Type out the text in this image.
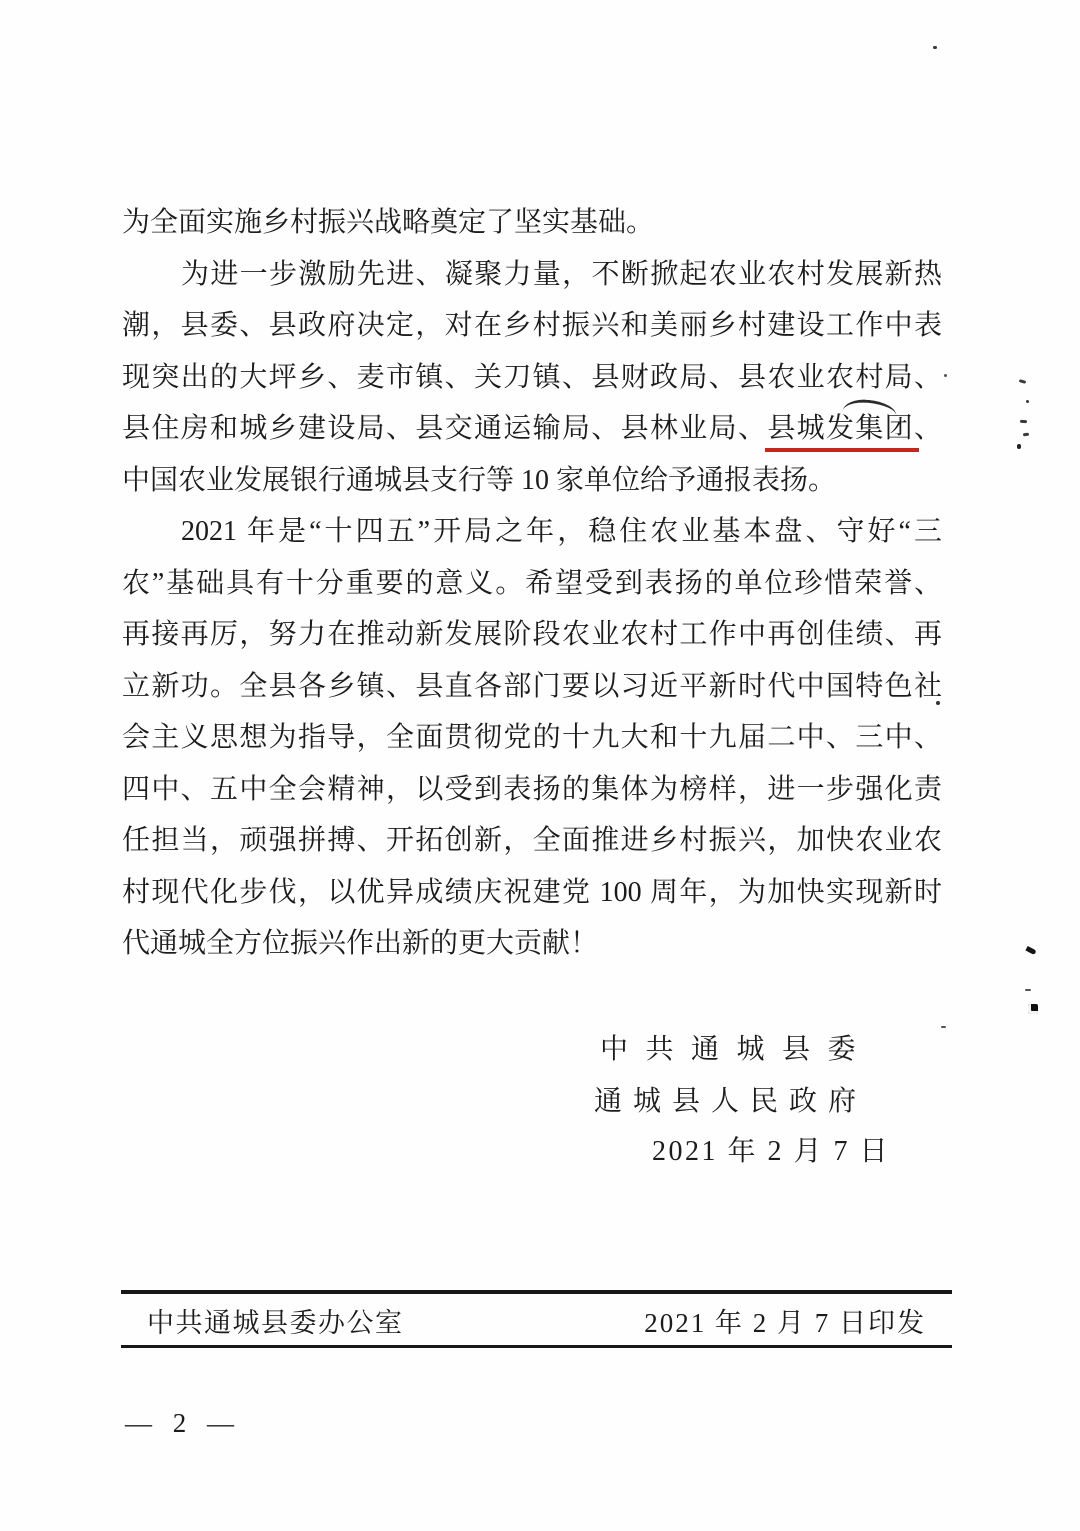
为全面实施乡村振兴战略奠定了坚实基础。
为进一步激励先进、凝聚力量，不断掀起农业农村发展新热
潮，县委、县政府决定，对在乡村振兴和美丽乡村建设工作中表
现突出的大坪乡、麦市镇、关刀镇、县财政局、县农业农村局、
县住房和城乡建设局、县交通运输局、县林业局、县城发集团
、
中国农业发展银行通城县支行等 10 家单位给予通报表扬。
2021 年是“十四五”开局之年，稳住农业基本盘、守好“三
农”基础具有十分重要的意义。希望受到表扬的单位珍惜荣誉、
再接再厉，努力在推动新发展阶段农业农村工作中再创佳绩、再
立新功。全县各乡镇、县直各部门要以习近平新时代中国特色社
会主义思想为指导，全面贯彻党的十九大和十九届二中、三中、
四中、五中全会精神，以受到表扬的集体为榜样，进一步强化责
任担当，顽强拼搏、开拓创新，全面推进乡村振兴，加快农业农
村现代化步伐，以优异成绩庆祝建党 100 周年，为加快实现新时
代通城全方位振兴作出新的更大贡献！
中共通城县委
通城县人民政府
2021 年 2 月 7 日
中共通城县委办公室	2021 年 2 月 7 日印发
— 2 —
